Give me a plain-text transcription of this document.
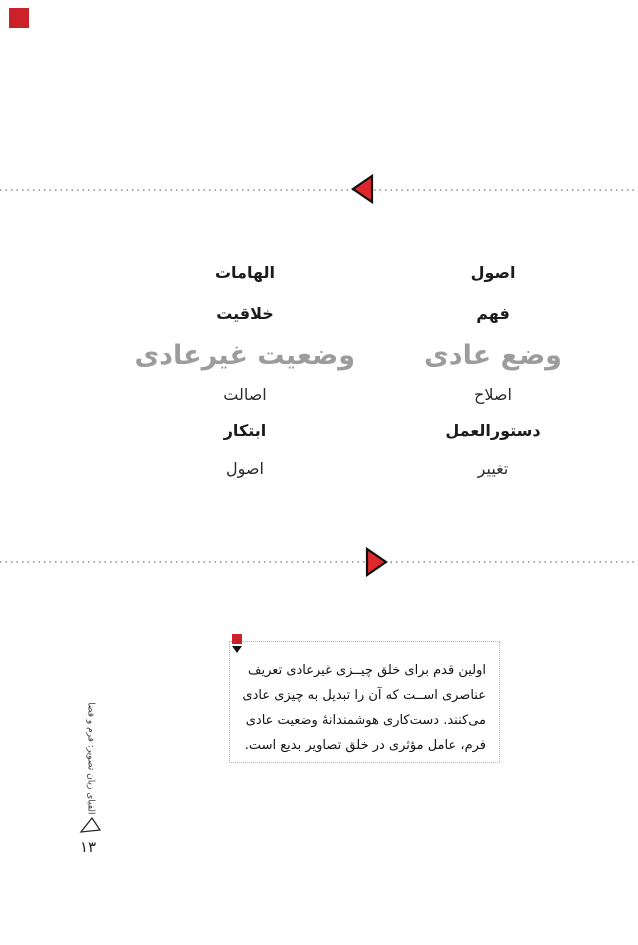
اصول
فهم
وضع عادی
اصلاح
دستورالعمل
تغییر
الهامات
خلاقیت
وضعیت غیرعادی
اصالت
ابتکار
اصول
اولین قدم برای خلق چیــزی غیرعادی تعریف
عناصری اســت که آن را تبدیل به چیزی عادی
می‌کنند. دست‌کاری هوشمندانهٔ وضعیت عادی
فرم، عامل مؤثری در خلق تصاویر بدیع است.
الفبای زبان تصویر: فرم و فضا
۱۳
